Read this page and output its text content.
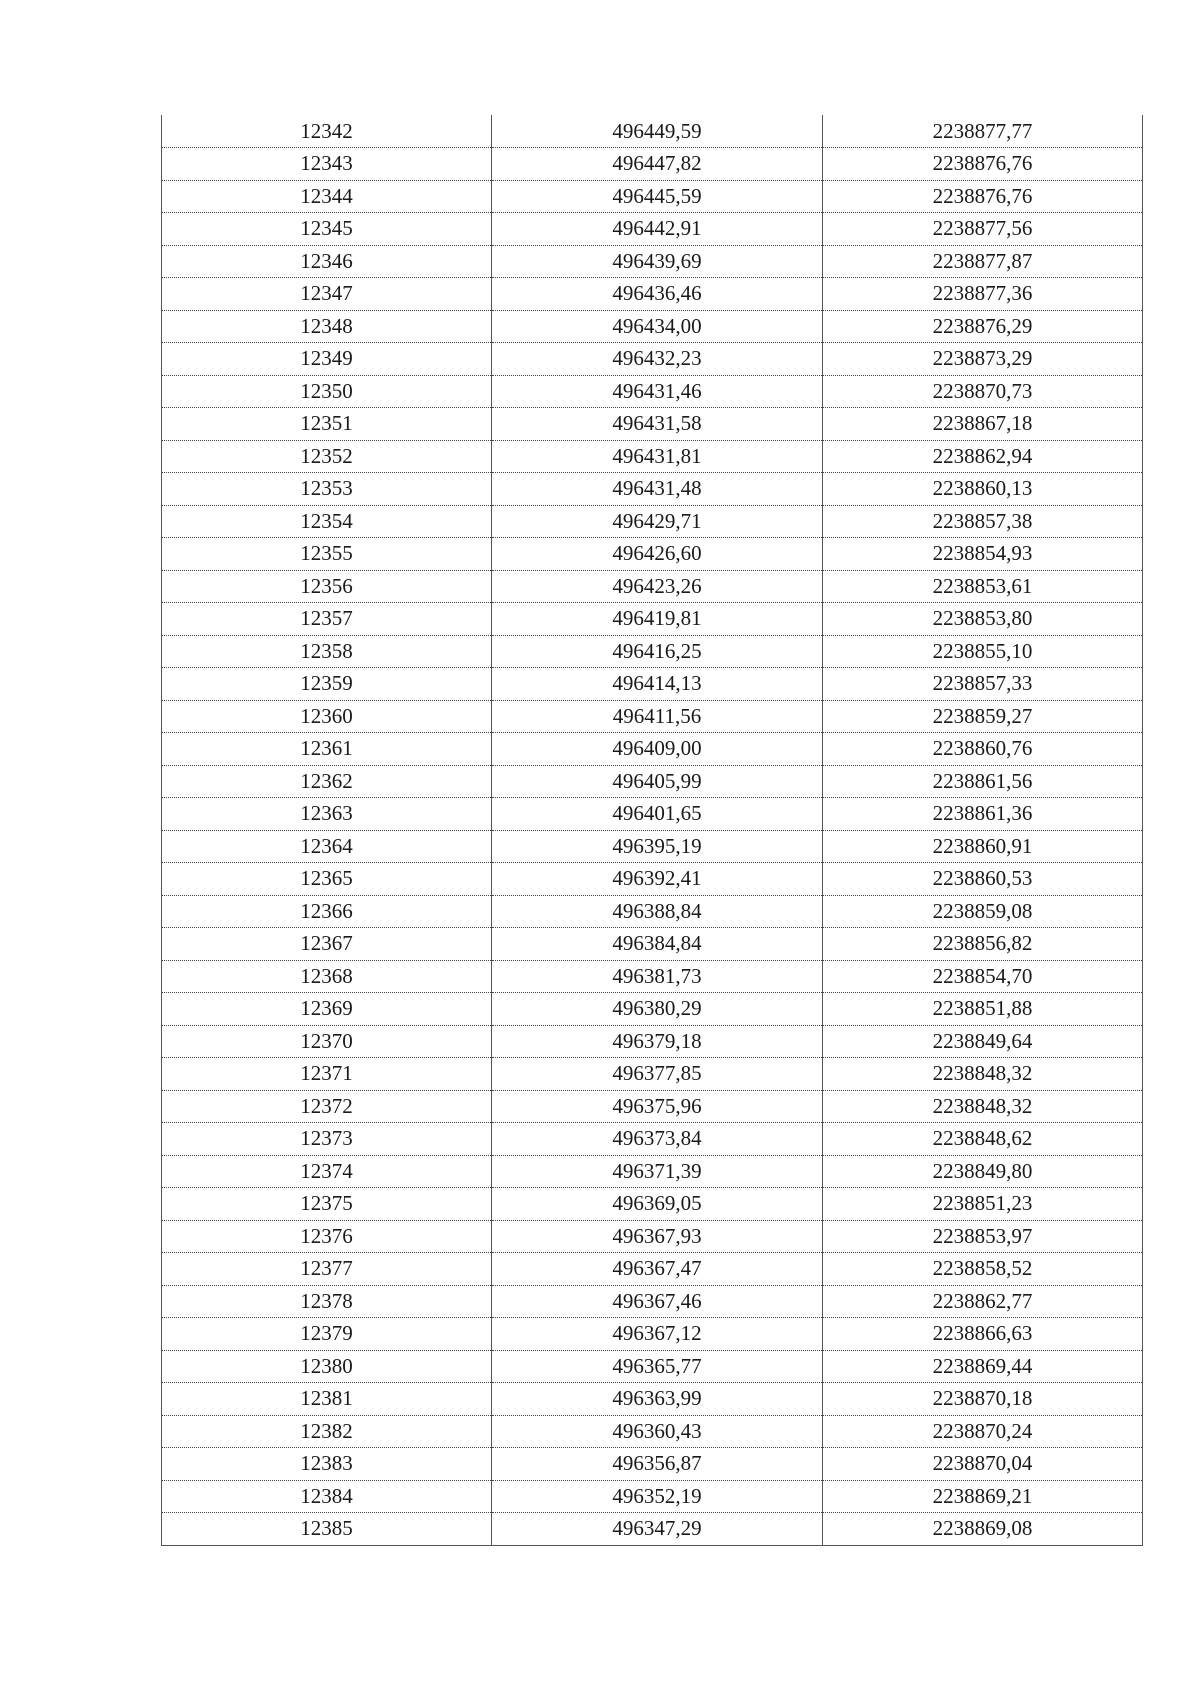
12342	496449,59	2238877,77
12343	496447,82	2238876,76
12344	496445,59	2238876,76
12345	496442,91	2238877,56
12346	496439,69	2238877,87
12347	496436,46	2238877,36
12348	496434,00	2238876,29
12349	496432,23	2238873,29
12350	496431,46	2238870,73
12351	496431,58	2238867,18
12352	496431,81	2238862,94
12353	496431,48	2238860,13
12354	496429,71	2238857,38
12355	496426,60	2238854,93
12356	496423,26	2238853,61
12357	496419,81	2238853,80
12358	496416,25	2238855,10
12359	496414,13	2238857,33
12360	496411,56	2238859,27
12361	496409,00	2238860,76
12362	496405,99	2238861,56
12363	496401,65	2238861,36
12364	496395,19	2238860,91
12365	496392,41	2238860,53
12366	496388,84	2238859,08
12367	496384,84	2238856,82
12368	496381,73	2238854,70
12369	496380,29	2238851,88
12370	496379,18	2238849,64
12371	496377,85	2238848,32
12372	496375,96	2238848,32
12373	496373,84	2238848,62
12374	496371,39	2238849,80
12375	496369,05	2238851,23
12376	496367,93	2238853,97
12377	496367,47	2238858,52
12378	496367,46	2238862,77
12379	496367,12	2238866,63
12380	496365,77	2238869,44
12381	496363,99	2238870,18
12382	496360,43	2238870,24
12383	496356,87	2238870,04
12384	496352,19	2238869,21
12385	496347,29	2238869,08
